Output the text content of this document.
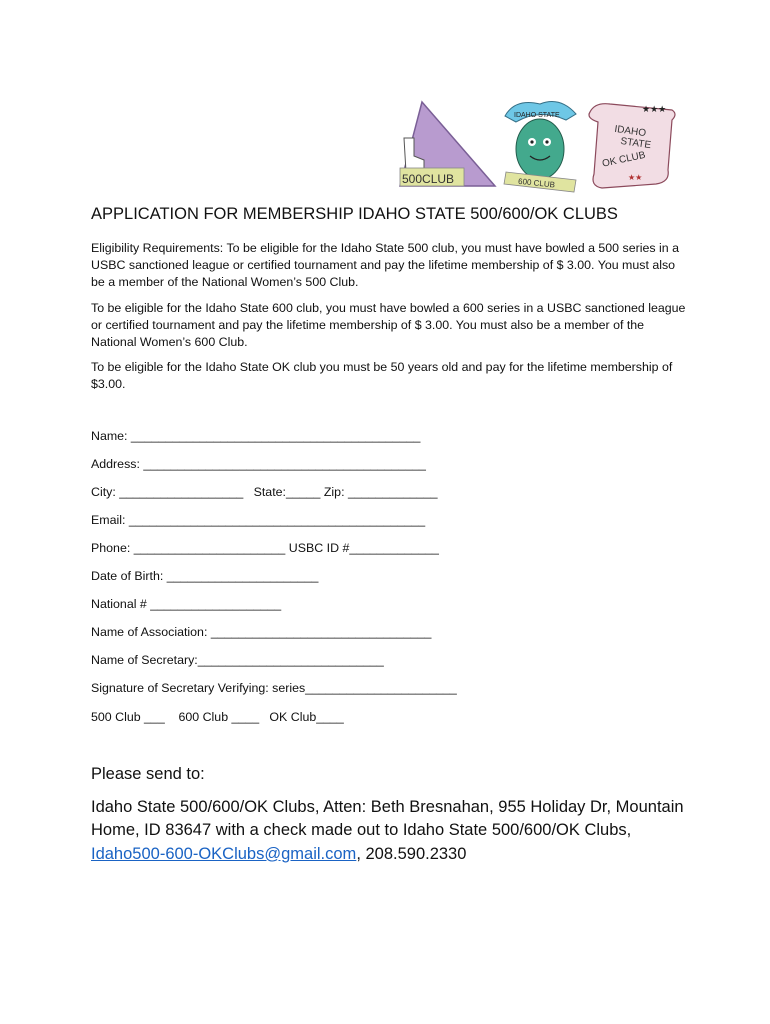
500CLUB
IDAHO STATE
600 CLUB
★★★
IDAHO
STATE
OK CLUB
★★
APPLICATION FOR MEMBERSHIP IDAHO STATE 500/600/OK CLUBS

Eligibility Requirements: To be eligible for the Idaho State 500 club, you must have bowled a 500 series in a USBC sanctioned league or certified tournament and pay the lifetime membership of $ 3.00. You must also be a member of the National Women’s 500 Club.

To be eligible for the Idaho State 600 club, you must have bowled a 600 series in a USBC sanctioned league or certified tournament and pay the lifetime membership of $ 3.00. You must also be a member of the National Women’s 600 Club.

To be eligible for the Idaho State OK club you must be 50 years old and pay for the lifetime membership of $3.00.

Name: __________________________________________
Address: _________________________________________
City: __________________   State:_____ Zip: _____________
Email: ___________________________________________
Phone: ______________________ USBC ID #_____________
Date of Birth: ______________________
National # ___________________
Name of Association: ________________________________
Name of Secretary:___________________________
Signature of Secretary Verifying: series______________________
500 Club ___    600 Club ____   OK Club____
Please send to:
Idaho State 500/600/OK Clubs, Atten: Beth Bresnahan, 955 Holiday Dr, Mountain Home, ID 83647 with a check made out to Idaho State 500/600/OK Clubs, Idaho500-600-OKClubs@gmail.com, 208.590.2330
